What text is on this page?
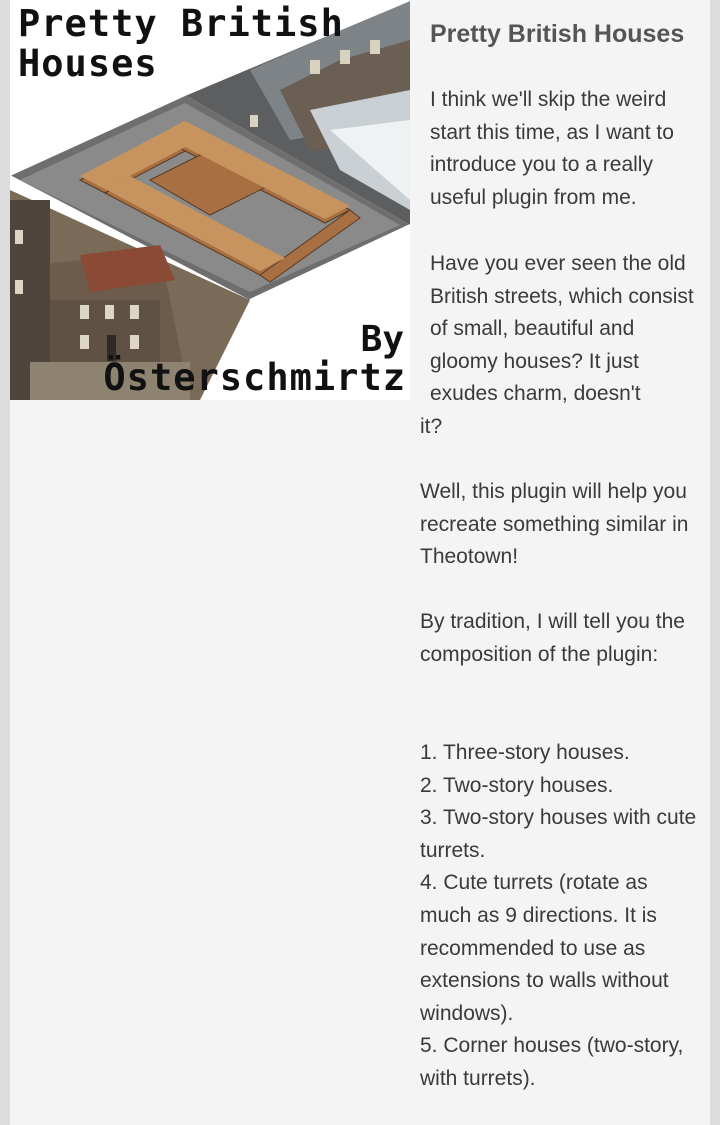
Pretty British
Houses
By
Österschmirtz
Pretty British Houses

I think we'll skip the weird start this time, as I want to introduce you to a really useful plugin from me.

Have you ever seen the old British streets, which consist of small, beautiful and gloomy houses? It just exudes charm, doesn't
it?

Well, this plugin will help you recreate something similar in Theotown!

By tradition, I will tell you the composition of the plugin:

1. Three-story houses.
2. Two-story houses.
3. Two-story houses with cute turrets.
4. Cute turrets (rotate as much as 9 directions. It is recommended to use as extensions to walls without windows).
5. Corner houses (two-story, with turrets).
